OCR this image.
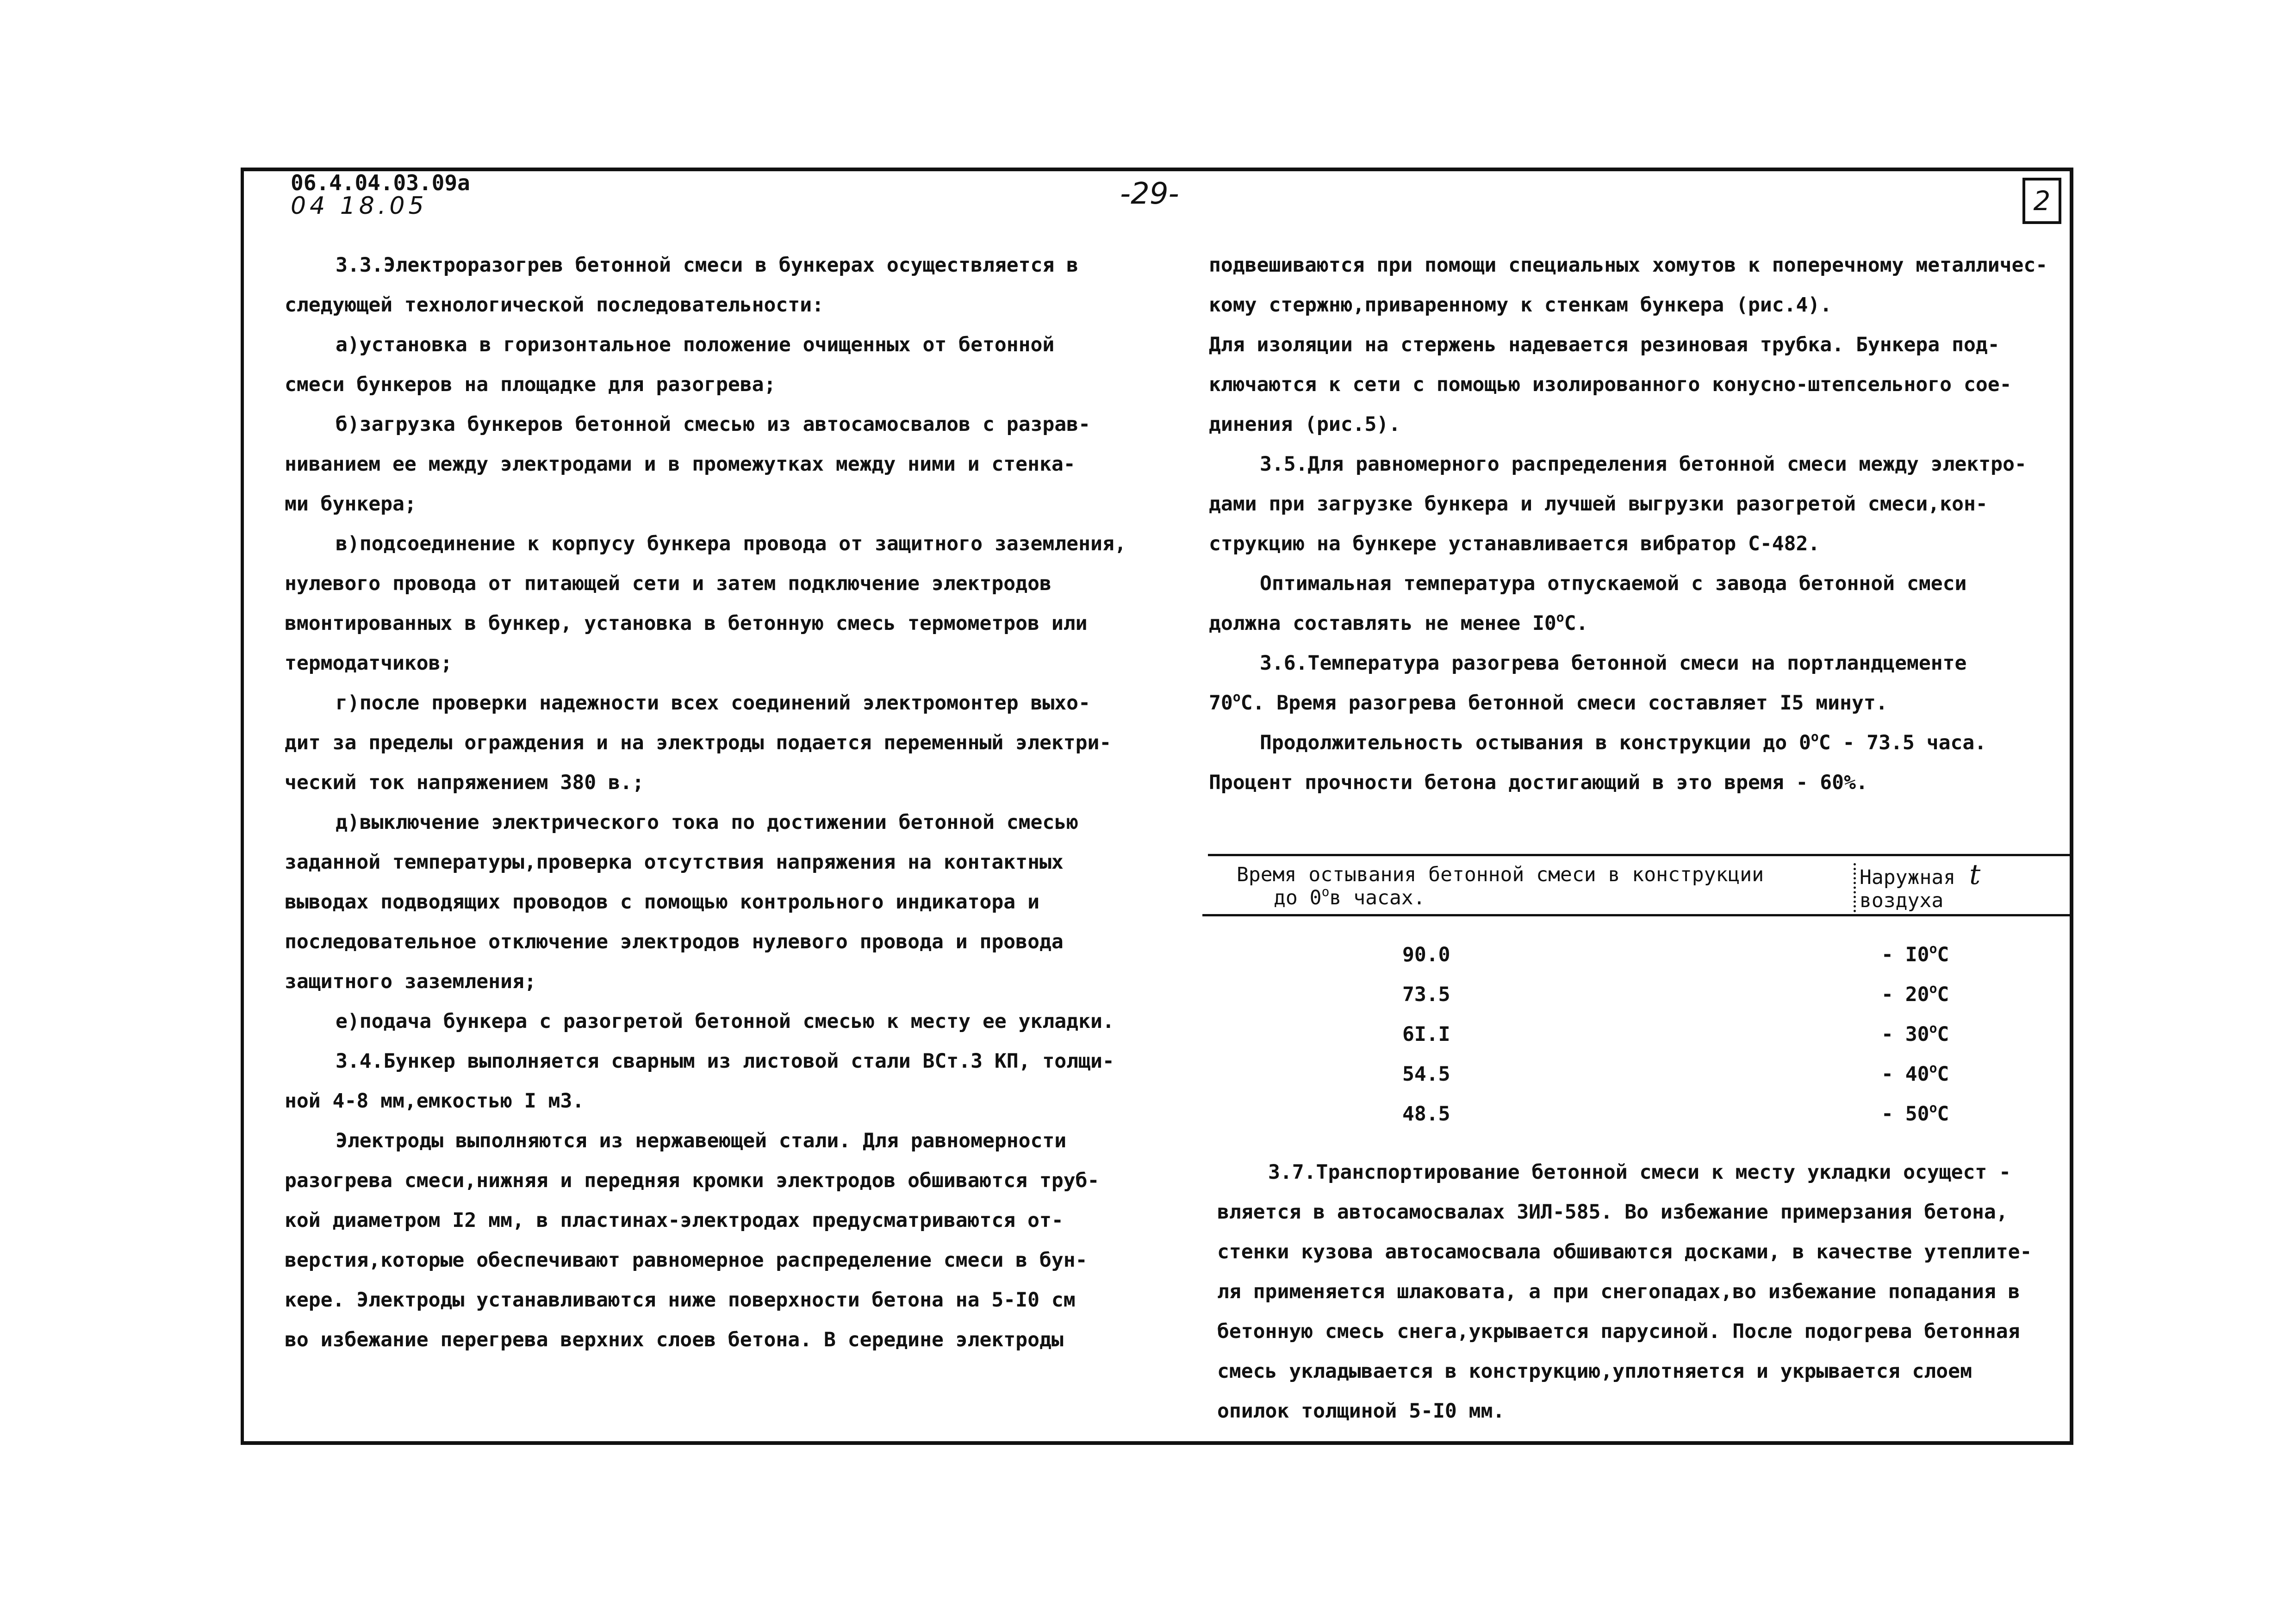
06.4.04.03.09a
04 18.05	-29-	2
3.3.Электроразогрев бетонной смеси в бункерах осуществляется в
следующей технологической последовательности:
а)установка в горизонтальное положение очищенных от бетонной
смеси бункеров на площадке для разогрева;
б)загрузка бункеров бетонной смесью из автосамосвалов с разрав-
ниванием ее между электродами и в промежутках между ними и стенка-
ми бункера;
в)подсоединение к корпусу бункера провода от защитного заземления,
нулевого провода от питающей сети и затем подключение электродов
вмонтированных в бункер, установка в бетонную смесь термометров или
термодатчиков;
г)после проверки надежности всех соединений электромонтер выхо-
дит за пределы ограждения и на электроды подается переменный электри-
ческий ток напряжением 380 в.;
д)выключение электрического тока по достижении бетонной смесью
заданной температуры,проверка отсутствия напряжения на контактных
выводах подводящих проводов с помощью контрольного индикатора и
последовательное отключение электродов нулевого провода и провода
защитного заземления;
е)подача бункера с разогретой бетонной смесью к месту ее укладки.
3.4.Бункер выполняется сварным из листовой стали ВСт.3 КП, толщи-
ной 4-8 мм,емкостью I м3.
Электроды выполняются из нержавеющей стали. Для равномерности
разогрева смеси,нижняя и передняя кромки электродов обшиваются труб-
кой диаметром I2 мм, в пластинах-электродах предусматриваются от-
верстия,которые обеспечивают равномерное распределение смеси в бун-
кере. Электроды устанавливаются ниже поверхности бетона на 5-I0 см
во избежание перегрева верхних слоев бетона. В середине электроды
подвешиваются при помощи специальных хомутов к поперечному металличес-
кому стержню,приваренному к стенкам бункера (рис.4).
Для изоляции на стержень надевается резиновая трубка. Бункера под-
ключаются к сети с помощью изолированного конусно-штепсельного сое-
динения (рис.5).
3.5.Для равномерного распределения бетонной смеси между электро-
дами при загрузке бункера и лучшей выгрузки разогретой смеси,кон-
струкцию на бункере устанавливается вибратор С-482.
Оптимальная температура отпускаемой с завода бетонной смеси
должна составлять не менее $I0^оС$.
3.6.Температура разогрева бетонной смеси на портландцементе
$70^оС$. Время разогрева бетонной смеси составляет I5 минут.
Продолжительность остывания в конструкции до $0^оС - 73.5$ часа.
Процент прочности бетона достигающий в это время - 60%.
Время остывания бетонной смеси в конструкции
до $0^ов$ часах.
Наружная t
воздуха
90.0	- $I0^оС$
73.5	- $20^оС$
6I.I	- $30^оС$
54.5	- $40^оС$
48.5	- $50^оС$
3.7.Транспортирование бетонной смеси к месту укладки осущест -
вляется в автосамосвалах ЗИЛ-585. Во избежание примерзания бетона,
стенки кузова автосамосвала обшиваются досками, в качестве утеплите-
ля применяется шлаковата, а при снегопадах,во избежание попадания в
бетонную смесь снега,укрывается парусиной. После подогрева бетонная
смесь укладывается в конструкцию,уплотняется и укрывается слоем
опилок толщиной 5-I0 мм.
